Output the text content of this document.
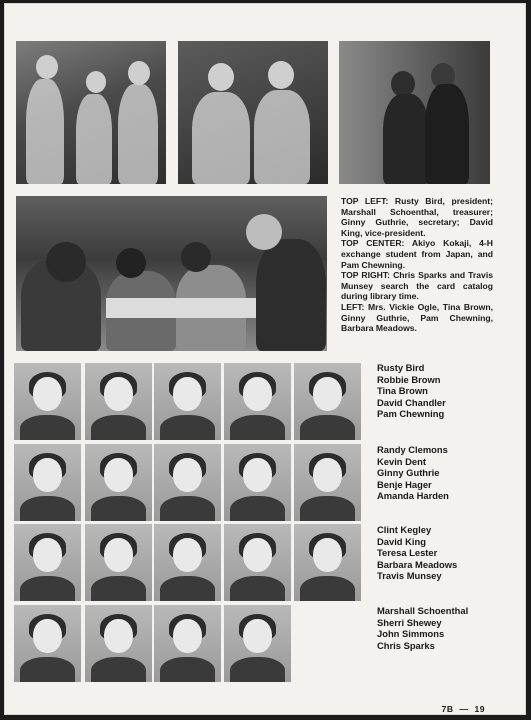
TOP LEFT: Rusty Bird, president; Marshall Schoenthal, treasurer; Ginny Guthrie, secretary; David King, vice-president.

TOP CENTER: Akiyo Kokaji, 4-H exchange student from Japan, and Pam Chewning.

TOP RIGHT: Chris Sparks and Travis Munsey search the card catalog during library time.

LEFT: Mrs. Vickie Ogle, Tina Brown, Ginny Guthrie, Pam Chewning, Barbara Meadows.

Rusty Bird
Robbie Brown
Tina Brown
David Chandler
Pam Chewning
Randy Clemons
Kevin Dent
Ginny Guthrie
Benje Hager
Amanda Harden
Clint Kegley
David King
Teresa Lester
Barbara Meadows
Travis Munsey
Marshall Schoenthal
Sherri Shewey
John Simmons
Chris Sparks
7B — 19
